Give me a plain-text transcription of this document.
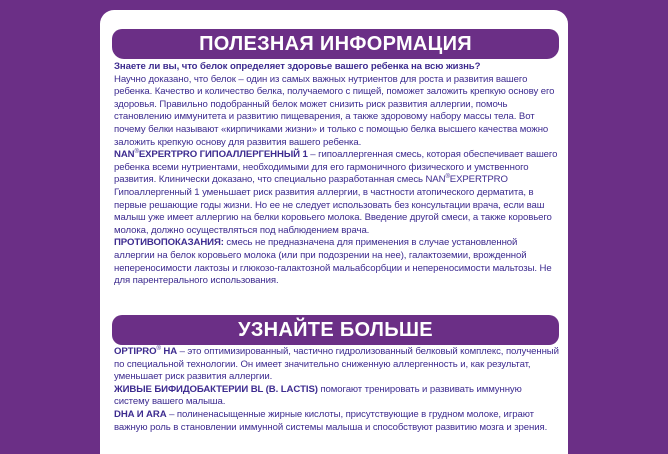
ПОЛЕЗНАЯ ИНФОРМАЦИЯ

Знаете ли вы, что белок определяет здоровье вашего ребенка на всю жизнь?

Научно доказано, что белок – один из самых важных нутриентов для роста и развития вашего ребенка. Качество и количество белка, получаемого с пищей, поможет заложить крепкую основу его здоровья. Правильно подобранный белок может снизить риск развития аллергии, помочь становлению иммунитета и развитию пищеварения, а также здоровому набору массы тела. Вот почему белки называют «кирпичиками жизни» и только с помощью белка высшего качества можно заложить крепкую основу для развития вашего ребенка.

NAN®EXPERTPRO ГИПОАЛЛЕРГЕННЫЙ 1 – гипоаллергенная смесь, которая обеспечивает вашего ребенка всеми нутриентами, необходимыми для его гармоничного физического и умственного развития. Клинически доказано, что специально разработанная смесь NAN®EXPERTPRO Гипоаллергенный 1 уменьшает риск развития аллергии, в частности атопического дерматита, в первые решающие годы жизни. Но ее не следует использовать без консультации врача, если ваш малыш уже имеет аллергию на белки коровьего молока. Введение другой смеси, а также коровьего молока, должно осуществляться под наблюдением врача.

ПРОТИВОПОКАЗАНИЯ: смесь не предназначена для применения в случае установленной аллергии на белок коровьего молока (или при подозрении на нее), галактоземии, врожденной непереносимости лактозы и глюкозо-галактозной мальабсорбции и непереносимости мальтозы. Не для парентерального использования.

УЗНАЙТЕ БОЛЬШЕ

OPTIPRO® HA – это оптимизированный, частично гидролизованный белковый комплекс, полученный по специальной технологии. Он имеет значительно сниженную аллергенность и, как результат, уменьшает риск развития аллергии.

ЖИВЫЕ БИФИДОБАКТЕРИИ BL (B. LACTIS) помогают тренировать и развивать иммунную систему вашего малыша.

DHA И ARA – полиненасыщенные жирные кислоты, присутствующие в грудном молоке, играют важную роль в становлении иммунной системы малыша и способствуют развитию мозга и зрения.
